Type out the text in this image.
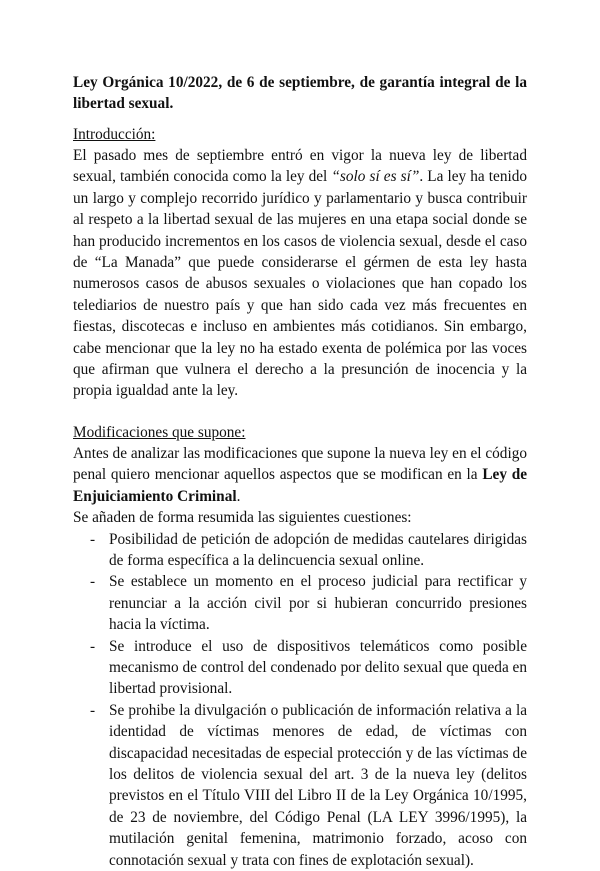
Ley Orgánica 10/2022, de 6 de septiembre, de garantía integral de la libertad sexual.

Introducción:

El pasado mes de septiembre entró en vigor la nueva ley de libertad sexual, también conocida como la ley del “solo sí es sí”. La ley ha tenido un largo y complejo recorrido jurídico y parlamentario y busca contribuir al respeto a la libertad sexual de las mujeres en una etapa social donde se han producido incrementos en los casos de violencia sexual, desde el caso de “La Manada” que puede considerarse el gérmen de esta ley hasta numerosos casos de abusos sexuales o violaciones que han copado los telediarios de nuestro país y que han sido cada vez más frecuentes en fiestas, discotecas e incluso en ambientes más cotidianos. Sin embargo, cabe mencionar que la ley no ha estado exenta de polémica por las voces que afirman que vulnera el derecho a la presunción de inocencia y la propia igualdad ante la ley.

Modificaciones que supone:

Antes de analizar las modificaciones que supone la nueva ley en el código penal quiero mencionar aquellos aspectos que se modifican en la Ley de Enjuiciamiento Criminal.

Se añaden de forma resumida las siguientes cuestiones:

- Posibilidad de petición de adopción de medidas cautelares dirigidas de forma específica a la delincuencia sexual online.
- Se establece un momento en el proceso judicial para rectificar y renunciar a la acción civil por si hubieran concurrido presiones hacia la víctima.
- Se introduce el uso de dispositivos telemáticos como posible mecanismo de control del condenado por delito sexual que queda en libertad provisional.
- Se prohibe la divulgación o publicación de información relativa a la identidad de víctimas menores de edad, de víctimas con discapacidad necesitadas de especial protección y de las víctimas de los delitos de violencia sexual del art. 3 de la nueva ley (delitos previstos en el Título VIII del Libro II de la Ley Orgánica 10/1995, de 23 de noviembre, del Código Penal (LA LEY 3996/1995), la mutilación genital femenina, matrimonio forzado, acoso con connotación sexual y trata con fines de explotación sexual).
